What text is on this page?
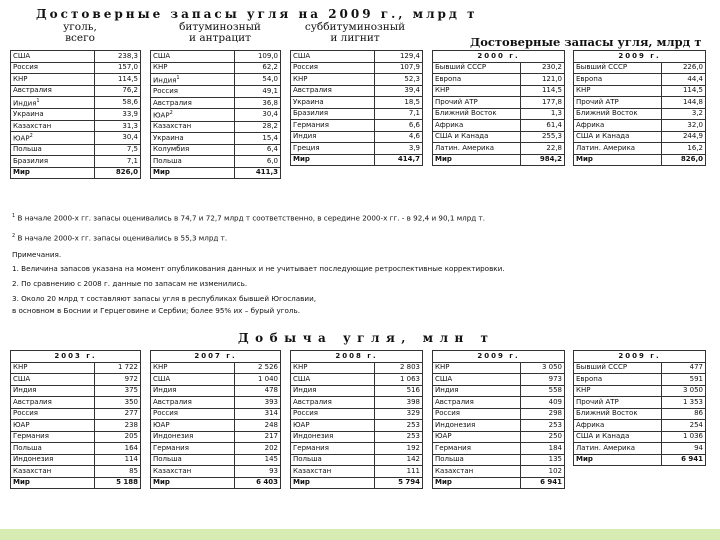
Достоверные запасы угля на 2009 г., млрд т
уголь,
всего
битуминозный
и антрацит
суббитуминозный
и лигнит	Достоверные запасы угля, млрд т
США	238,3
Россия	157,0
КНР	114,5
Австралия	76,2
Индия$^1$	58,6
Украина	33,9
Казахстан	31,3
ЮАР$^2$	30,4
Польша	7,5
Бразилия	7,1
Мир	826,0
США	109,0
КНР	62,2
Индия$^1$	54,0
Россия	49,1
Австралия	36,8
ЮАР$^2$	30,4
Казахстан	28,2
Украина	15,4
Колумбия	6,4
Польша	6,0
Мир	411,3
США	129,4
Россия	107,9
КНР	52,3
Австралия	39,4
Украина	18,5
Бразилия	7,1
Германия	6,6
Индия	4,6
Греция	3,9
Мир	414,7
2000 г.	
Бывший СССР	230,2
Европа	121,0
КНР	114,5
Прочий АТР	177,8
Ближний Восток	1,3
Африка	61,4
США и Канада	255,3
Латин. Америка	22,8
Мир	984,2
2009 г.	
Бывший СССР	226,0
Европа	44,4
КНР	114,5
Прочий АТР	144,8
Ближний Восток	3,2
Африка	32,0
США и Канада	244,9
Латин. Америка	16,2
Мир	826,0
$^1$ В начале 2000-х гг. запасы оценивались в 74,7 и 72,7 млрд т соответственно, в середине 2000-х гг. - в 92,4 и 90,1 млрд т.
$^2$ В начале 2000-х гг. запасы оценивались в 55,3 млрд т.
Примечания.
1. Величина запасов указана на момент опубликования данных и не учитывает последующие ретроспективные корректировки.
2. По сравнению с 2008 г. данные по запасам не изменились.
3. Около 20 млрд т составляют запасы угля в республиках бывшей Югославии,
в основном в Боснии и Герцеговине и Сербии; более 95% их – бурый уголь.
Добыча угля, млн т
2003 г.	
КНР	1 722
США	972
Индия	375
Австралия	350
Россия	277
ЮАР	238
Германия	205
Польша	164
Индонезия	114
Казахстан	85
Мир	5 188
2007 г.	
КНР	2 526
США	1 040
Индия	478
Австралия	393
Россия	314
ЮАР	248
Индонезия	217
Германия	202
Польша	145
Казахстан	93
Мир	6 403
2008 г.	
КНР	2 803
США	1 063
Индия	516
Австралия	398
Россия	329
ЮАР	253
Индонезия	253
Германия	192
Польша	142
Казахстан	111
Мир	5 794
2009 г.	
КНР	3 050
США	973
Индия	558
Австралия	409
Россия	298
Индонезия	253
ЮАР	250
Германия	184
Польша	135
Казахстан	102
Мир	6 941
2009 г.	
Бывший СССР	477
Европа	591
КНР	3 050
Прочий АТР	1 353
Ближний Восток	86
Африка	254
США и Канада	1 036
Латин. Америка	94
Мир	6 941
